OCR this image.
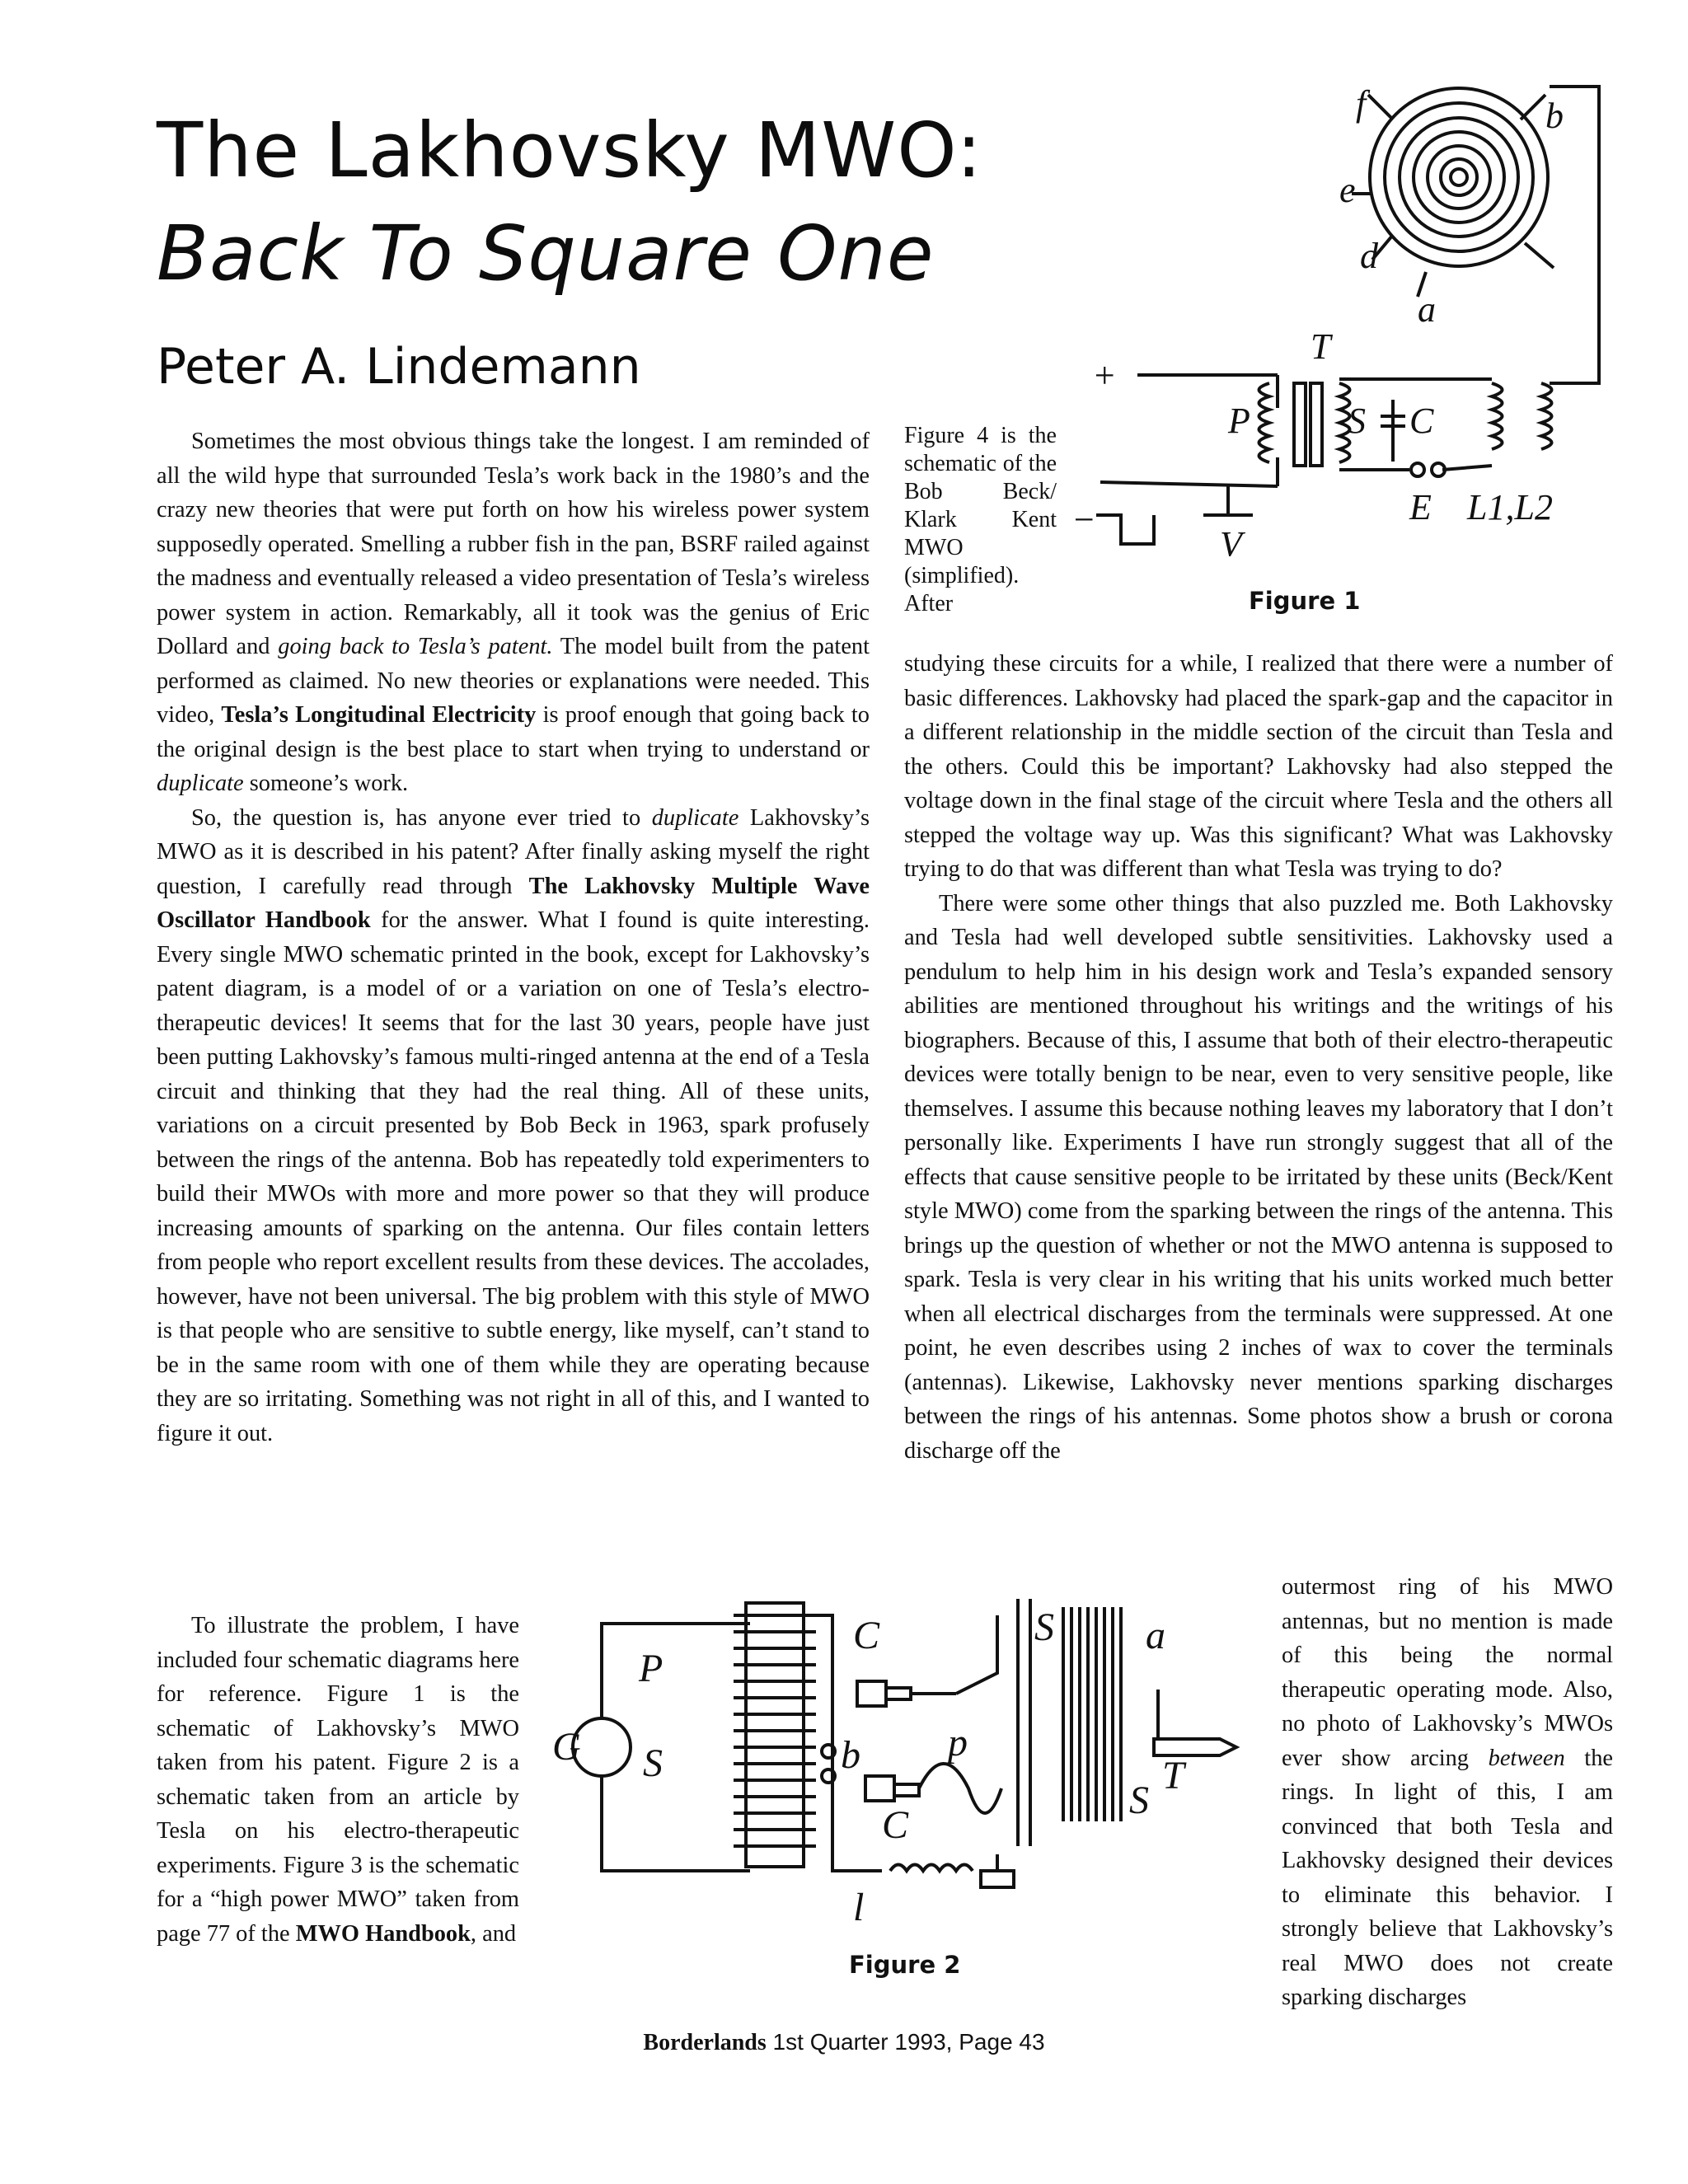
The Lakhovsky MWO:
Back To Square One
Peter A. Lindemann
f	b
e
d
a
T
+
P	S C
E L1,L2
V
−
Figure 1

Figure 4 is the schematic of the Bob Beck/ Klark Kent MWO (simplified). After

Sometimes the most obvious things take the longest. I am reminded of all the wild hype that surrounded Tesla’s work back in the 1980’s and the crazy new theories that were put forth on how his wireless power system supposedly operated. Smelling a rubber fish in the pan, BSRF railed against the madness and eventually released a video presentation of Tesla’s wireless power system in action. Remarkably, all it took was the genius of Eric Dollard and going back to Tesla’s patent. The model built from the patent performed as claimed. No new theories or explanations were needed. This video, Tesla’s Longitudinal Electricity is proof enough that going back to the original design is the best place to start when trying to understand or duplicate someone’s work.

So, the question is, has anyone ever tried to duplicate Lakhovsky’s MWO as it is described in his patent? After finally asking myself the right question, I carefully read through The Lakhovsky Multiple Wave Oscillator Handbook for the answer. What I found is quite interesting. Every single MWO schematic printed in the book, except for Lakhovsky’s patent diagram, is a model of or a variation on one of Tesla’s electro-therapeutic devices! It seems that for the last 30 years, people have just been putting Lakhovsky’s famous multi-ringed antenna at the end of a Tesla circuit and thinking that they had the real thing. All of these units, variations on a circuit presented by Bob Beck in 1963, spark profusely between the rings of the antenna. Bob has repeatedly told experimenters to build their MWOs with more and more power so that they will produce increasing amounts of sparking on the antenna. Our files contain letters from people who report excellent results from these devices. The accolades, however, have not been universal. The big problem with this style of MWO is that people who are sensitive to subtle energy, like myself, can’t stand to be in the same room with one of them while they are operating because they are so irritating. Something was not right in all of this, and I wanted to figure it out.

To illustrate the problem, I have included four schematic diagrams here for reference. Figure 1 is the schematic of Lakhovsky’s MWO taken from his patent. Figure 2 is a schematic taken from an article by Tesla on his electro-therapeutic experiments. Figure 3 is the schematic for a “high power MWO” taken from page 77 of the MWO Handbook, and

studying these circuits for a while, I realized that there were a number of basic differences. Lakhovsky had placed the spark-gap and the capacitor in a different relationship in the middle section of the circuit than Tesla and the others. Could this be important? Lakhovsky had also stepped the voltage down in the final stage of the circuit where Tesla and the others all stepped the voltage way up. Was this significant? What was Lakhovsky trying to do that was different than what Tesla was trying to do?

There were some other things that also puzzled me. Both Lakhovsky and Tesla had well developed subtle sensitivities. Lakhovsky used a pendulum to help him in his design work and Tesla’s expanded sensory abilities are mentioned throughout his writings and the writings of his biographers. Because of this, I assume that both of their electro-therapeutic devices were totally benign to be near, even to very sensitive people, like themselves. I assume this because nothing leaves my laboratory that I don’t personally like. Experiments I have run strongly suggest that all of the effects that cause sensitive people to be irritated by these units (Beck/Kent style MWO) come from the sparking between the rings of the antenna. This brings up the question of whether or not the MWO antenna is supposed to spark. Tesla is very clear in his writing that his units worked much better when all electrical discharges from the terminals were suppressed. At one point, he even describes using 2 inches of wax to cover the terminals (antennas). Likewise, Lakhovsky never mentions sparking discharges between the rings of his antennas. Some photos show a brush or corona discharge off the

outermost ring of his MWO antennas, but no mention is made of this being the normal therapeutic operating mode. Also, no photo of Lakhovsky’s MWOs ever show arcing between the rings. In light of this, I am convinced that both Tesla and Lakhovsky designed their devices to eliminate this behavior. I strongly believe that Lakhovsky’s real MWO does not create sparking discharges

G
P
S
C	S a
b p
C
S
T
l
Figure 2
Borderlands 1st Quarter 1993, Page 43
